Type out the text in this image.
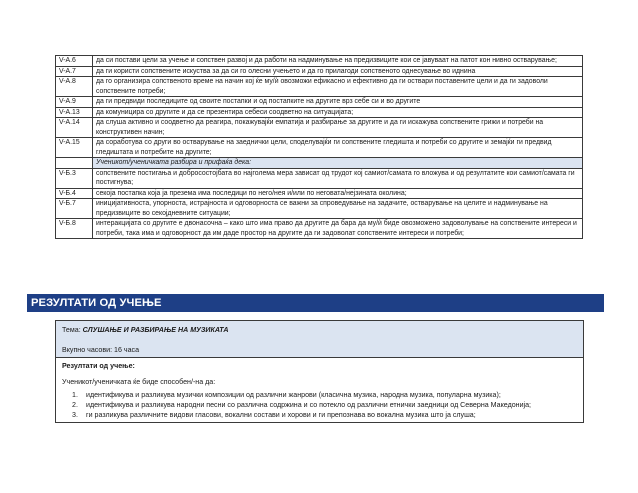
V-A.6	да си постави цели за учење и сопствен развој и да работи на надминување на предизвиците кои се јавуваат на патот кон нивно остварување;
V-A.7	да ги користи сопствените искуства за да си го олесни учењето и да го прилагоди сопственото однесување во иднина
V-A.8	да го организира сопственото време на начин кој ќе му/ѝ овозможи ефикасно и ефективно да ги оствари поставените цели и да ги задоволи сопствените потреби;
V-A.9	да ги предвиди последиците од своите постапки и од постапките на другите врз себе си и во другите
V-A.13	да комуницира со другите и да се презентира себеси соодветно на ситуацијата;
V-A.14	да слуша активно и соодветно да реагира, покажувајќи емпатија и разбирање за другите и да ги искажува сопствените грижи и потреби на конструктивен начин;
V-A.15	да соработува со други во остварување на заеднички цели, споделувајќи ги сопствените гледишта и потреби со другите и земајќи ги предвид гледиштата и потребите на другите;
	Ученикот/ученичката разбира и прифаќа дека:
V-Б.3	сопствените постигања и добросостојбата во најголема мера зависат од трудот кој самиот/самата го вложува и од резултатите кои самиот/самата ги постигнува;
V-Б.4	секоја постапка која ја презема има последици по него/нея и/или по неговата/нејзината околина;
V-Б.7	иницијативноста, упорноста, истрајноста и одговорноста се важни за спроведување на задачите, остварување на целите и надминување на предизвиците во секојдневните ситуации;
V-Б.8	интеракцијата со другите е двонасочна – како што има право да другите да бара да му/ѝ биде овозможено задоволување на сопствените интереси и потреби, така има и одговорност да им даде простор на другите да ги задоволат сопствените интереси и потреби;
РЕЗУЛТАТИ ОД УЧЕЊЕ
Тема: СЛУШАЊЕ И РАЗБИРАЊЕ НА МУЗИКАТА
Вкупно часови: 16 часа
Резултати од учење:
Ученикот/ученичката ќе биде способен/-на да:
1. идентификува и разликува музички композиции од различни жанрови (класична музика, народна музика, популарна музика);
2. идентификува и разликува народни песни со различна содржина и со потекло од различни етнички заедници од Северна Македонија;
3. ги разликува различните видови гласови, вокални состави и хорови и ги препознава во вокална музика што ја слуша;
